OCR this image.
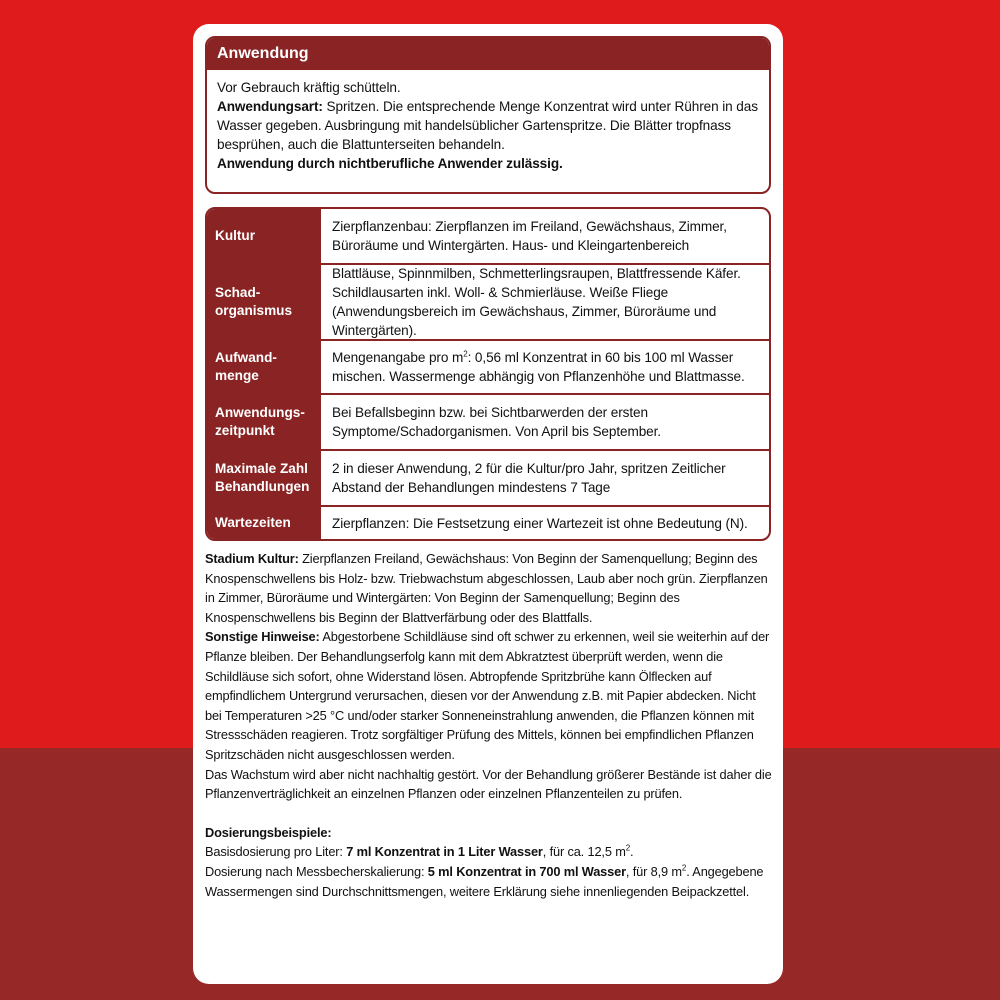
Anwendung

Vor Gebrauch kräftig schütteln.

Anwendungsart: Spritzen. Die entsprechende Menge Konzentrat wird unter Rühren in das Wasser gegeben. Ausbringung mit handelsüblicher Gartenspritze. Die Blätter tropfnass besprühen, auch die Blattunterseiten behandeln.

Anwendung durch nichtberufliche Anwender zulässig.

Kultur
Zierpflanzenbau: Zierpflanzen im Freiland, Gewächshaus, Zimmer, Büroräume und Wintergärten. Haus- und Kleingartenbereich
Schad-organismus
Blattläuse, Spinnmilben, Schmetterlingsraupen, Blattfressende Käfer. Schildlausarten inkl. Woll- & Schmierläuse. Weiße Fliege (Anwendungsbereich im Gewächshaus, Zimmer, Büroräume und Wintergärten).
Aufwand-menge
Mengenangabe pro $m^2$: 0,56 ml Konzentrat in 60 bis 100 ml Wasser mischen. Wassermenge abhängig von Pflanzenhöhe und Blattmasse.
Anwendungs-zeitpunkt
Bei Befallsbeginn bzw. bei Sichtbarwerden der ersten Symptome/Schadorganismen. Von April bis September.
Maximale Zahl Behandlungen
2 in dieser Anwendung, 2 für die Kultur/pro Jahr, spritzen Zeitlicher Abstand der Behandlungen mindestens 7 Tage
Wartezeiten	Zierpflanzen: Die Festsetzung einer Wartezeit ist ohne Bedeutung (N).

Stadium Kultur: Zierpflanzen Freiland, Gewächshaus: Von Beginn der Samenquellung; Beginn des Knospenschwellens bis Holz- bzw. Triebwachstum abgeschlossen, Laub aber noch grün. Zierpflanzen in Zimmer, Büroräume und Wintergärten: Von Beginn der Samenquellung; Beginn des Knospenschwellens bis Beginn der Blattverfärbung oder des Blattfalls.

Sonstige Hinweise: Abgestorbene Schildläuse sind oft schwer zu erkennen, weil sie weiterhin auf der Pflanze bleiben. Der Behandlungserfolg kann mit dem Abkratztest überprüft werden, wenn die Schildläuse sich sofort, ohne Widerstand lösen. Abtropfende Spritzbrühe kann Ölflecken auf empfindlichem Untergrund verursachen, diesen vor der Anwendung z.B. mit Papier abdecken. Nicht bei Temperaturen >25 °C und/oder starker Sonneneinstrahlung anwenden, die Pflanzen können mit Stressschäden reagieren. Trotz sorgfältiger Prüfung des Mittels, können bei empfindlichen Pflanzen Spritzschäden nicht ausgeschlossen werden.

Das Wachstum wird aber nicht nachhaltig gestört. Vor der Behandlung größerer Bestände ist daher die Pflanzenverträglichkeit an einzelnen Pflanzen oder einzelnen Pflanzenteilen zu prüfen.

Dosierungsbeispiele:

Basisdosierung pro Liter: 7 ml Konzentrat in 1 Liter Wasser, für ca. 12,5 $m^2$.

Dosierung nach Messbecherskalierung: 5 ml Konzentrat in 700 ml Wasser, für 8,9 $m^2$. Angegebene Wassermengen sind Durchschnittsmengen, weitere Erklärung siehe innenliegenden Beipackzettel.
